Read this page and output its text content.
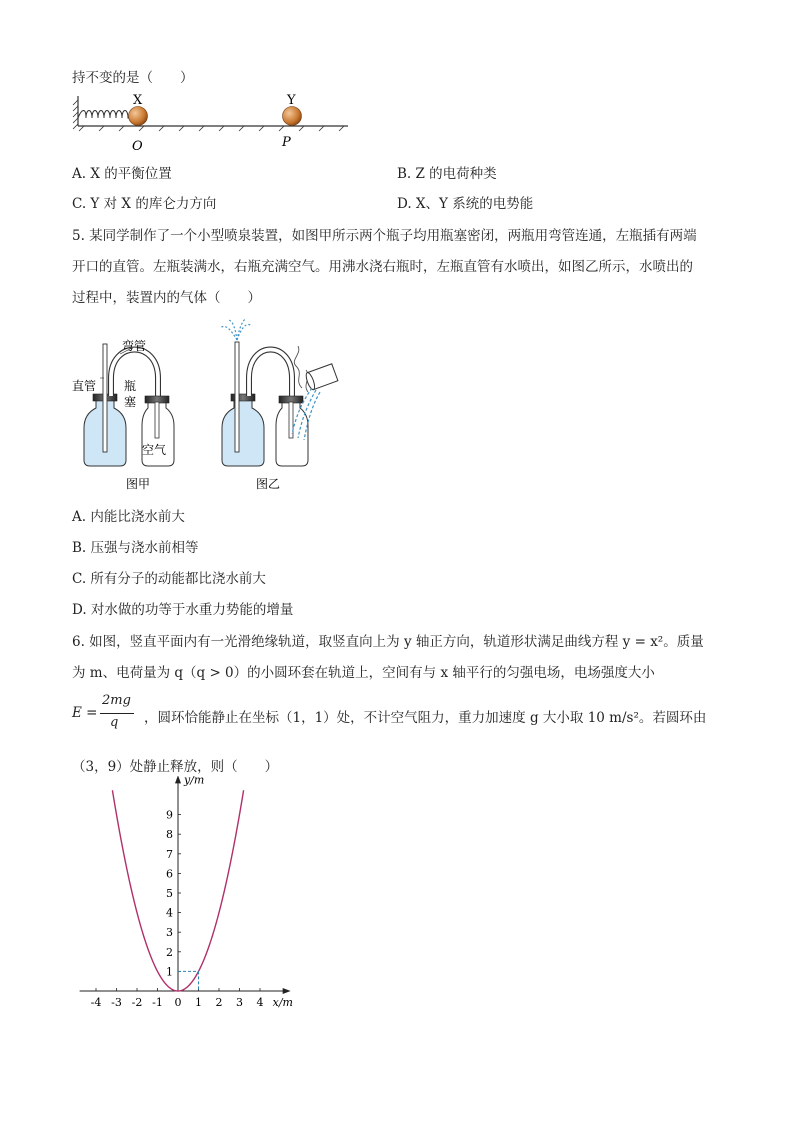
持不变的是（　　）
X	Y
O	P
A. X 的平衡位置	B. Z 的电荷种类
C. Y 对 X 的库仑力方向	D. X、Y 系统的电势能
5. 某同学制作了一个小型喷泉装置，如图甲所示两个瓶子均用瓶塞密闭，两瓶用弯管连通，左瓶插有两端
开口的直管。左瓶装满水，右瓶充满空气。用沸水浇右瓶时，左瓶直管有水喷出，如图乙所示，水喷出的
过程中，装置内的气体（　　）
弯管
直管 瓶
塞
空气
图甲	图乙
A. 内能比浇水前大
B. 压强与浇水前相等
C. 所有分子的动能都比浇水前大
D. 对水做的功等于水重力势能的增量
6. 如图，竖直平面内有一光滑绝缘轨道，取竖直向上为 y 轴正方向，轨道形状满足曲线方程 y = x²。质量
为 m、电荷量为 q（q > 0）的小圆环套在轨道上，空间有与 x 轴平行的匀强电场，电场强度大小
E =
2mg
q ，圆环恰能静止在坐标（1，1）处，不计空气阻力，重力加速度 g 大小取 10 m/s²。若圆环由
（3，9）处静止释放，则（　　）
-4 -3 -2 -1 0 1 2 3 4
1
2
3
4
5
6
7
8
9
x/m
y/m
